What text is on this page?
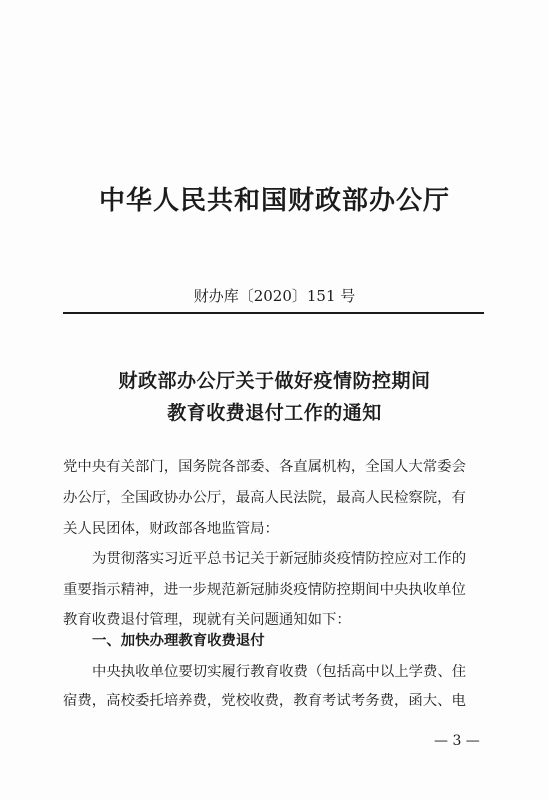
中华人民共和国财政部办公厅
财办库〔2020〕151 号
财政部办公厅关于做好疫情防控期间
教育收费退付工作的通知
党中央有关部门，国务院各部委、各直属机构，全国人大常委会
办公厅，全国政协办公厅，最高人民法院，最高人民检察院，有
关人民团体，财政部各地监管局：
为贯彻落实习近平总书记关于新冠肺炎疫情防控应对工作的
重要指示精神，进一步规范新冠肺炎疫情防控期间中央执收单位
教育收费退付管理，现就有关问题通知如下：
一、加快办理教育收费退付
中央执收单位要切实履行教育收费（包括高中以上学费、住
宿费，高校委托培养费，党校收费，教育考试考务费，函大、电
— 3 —
